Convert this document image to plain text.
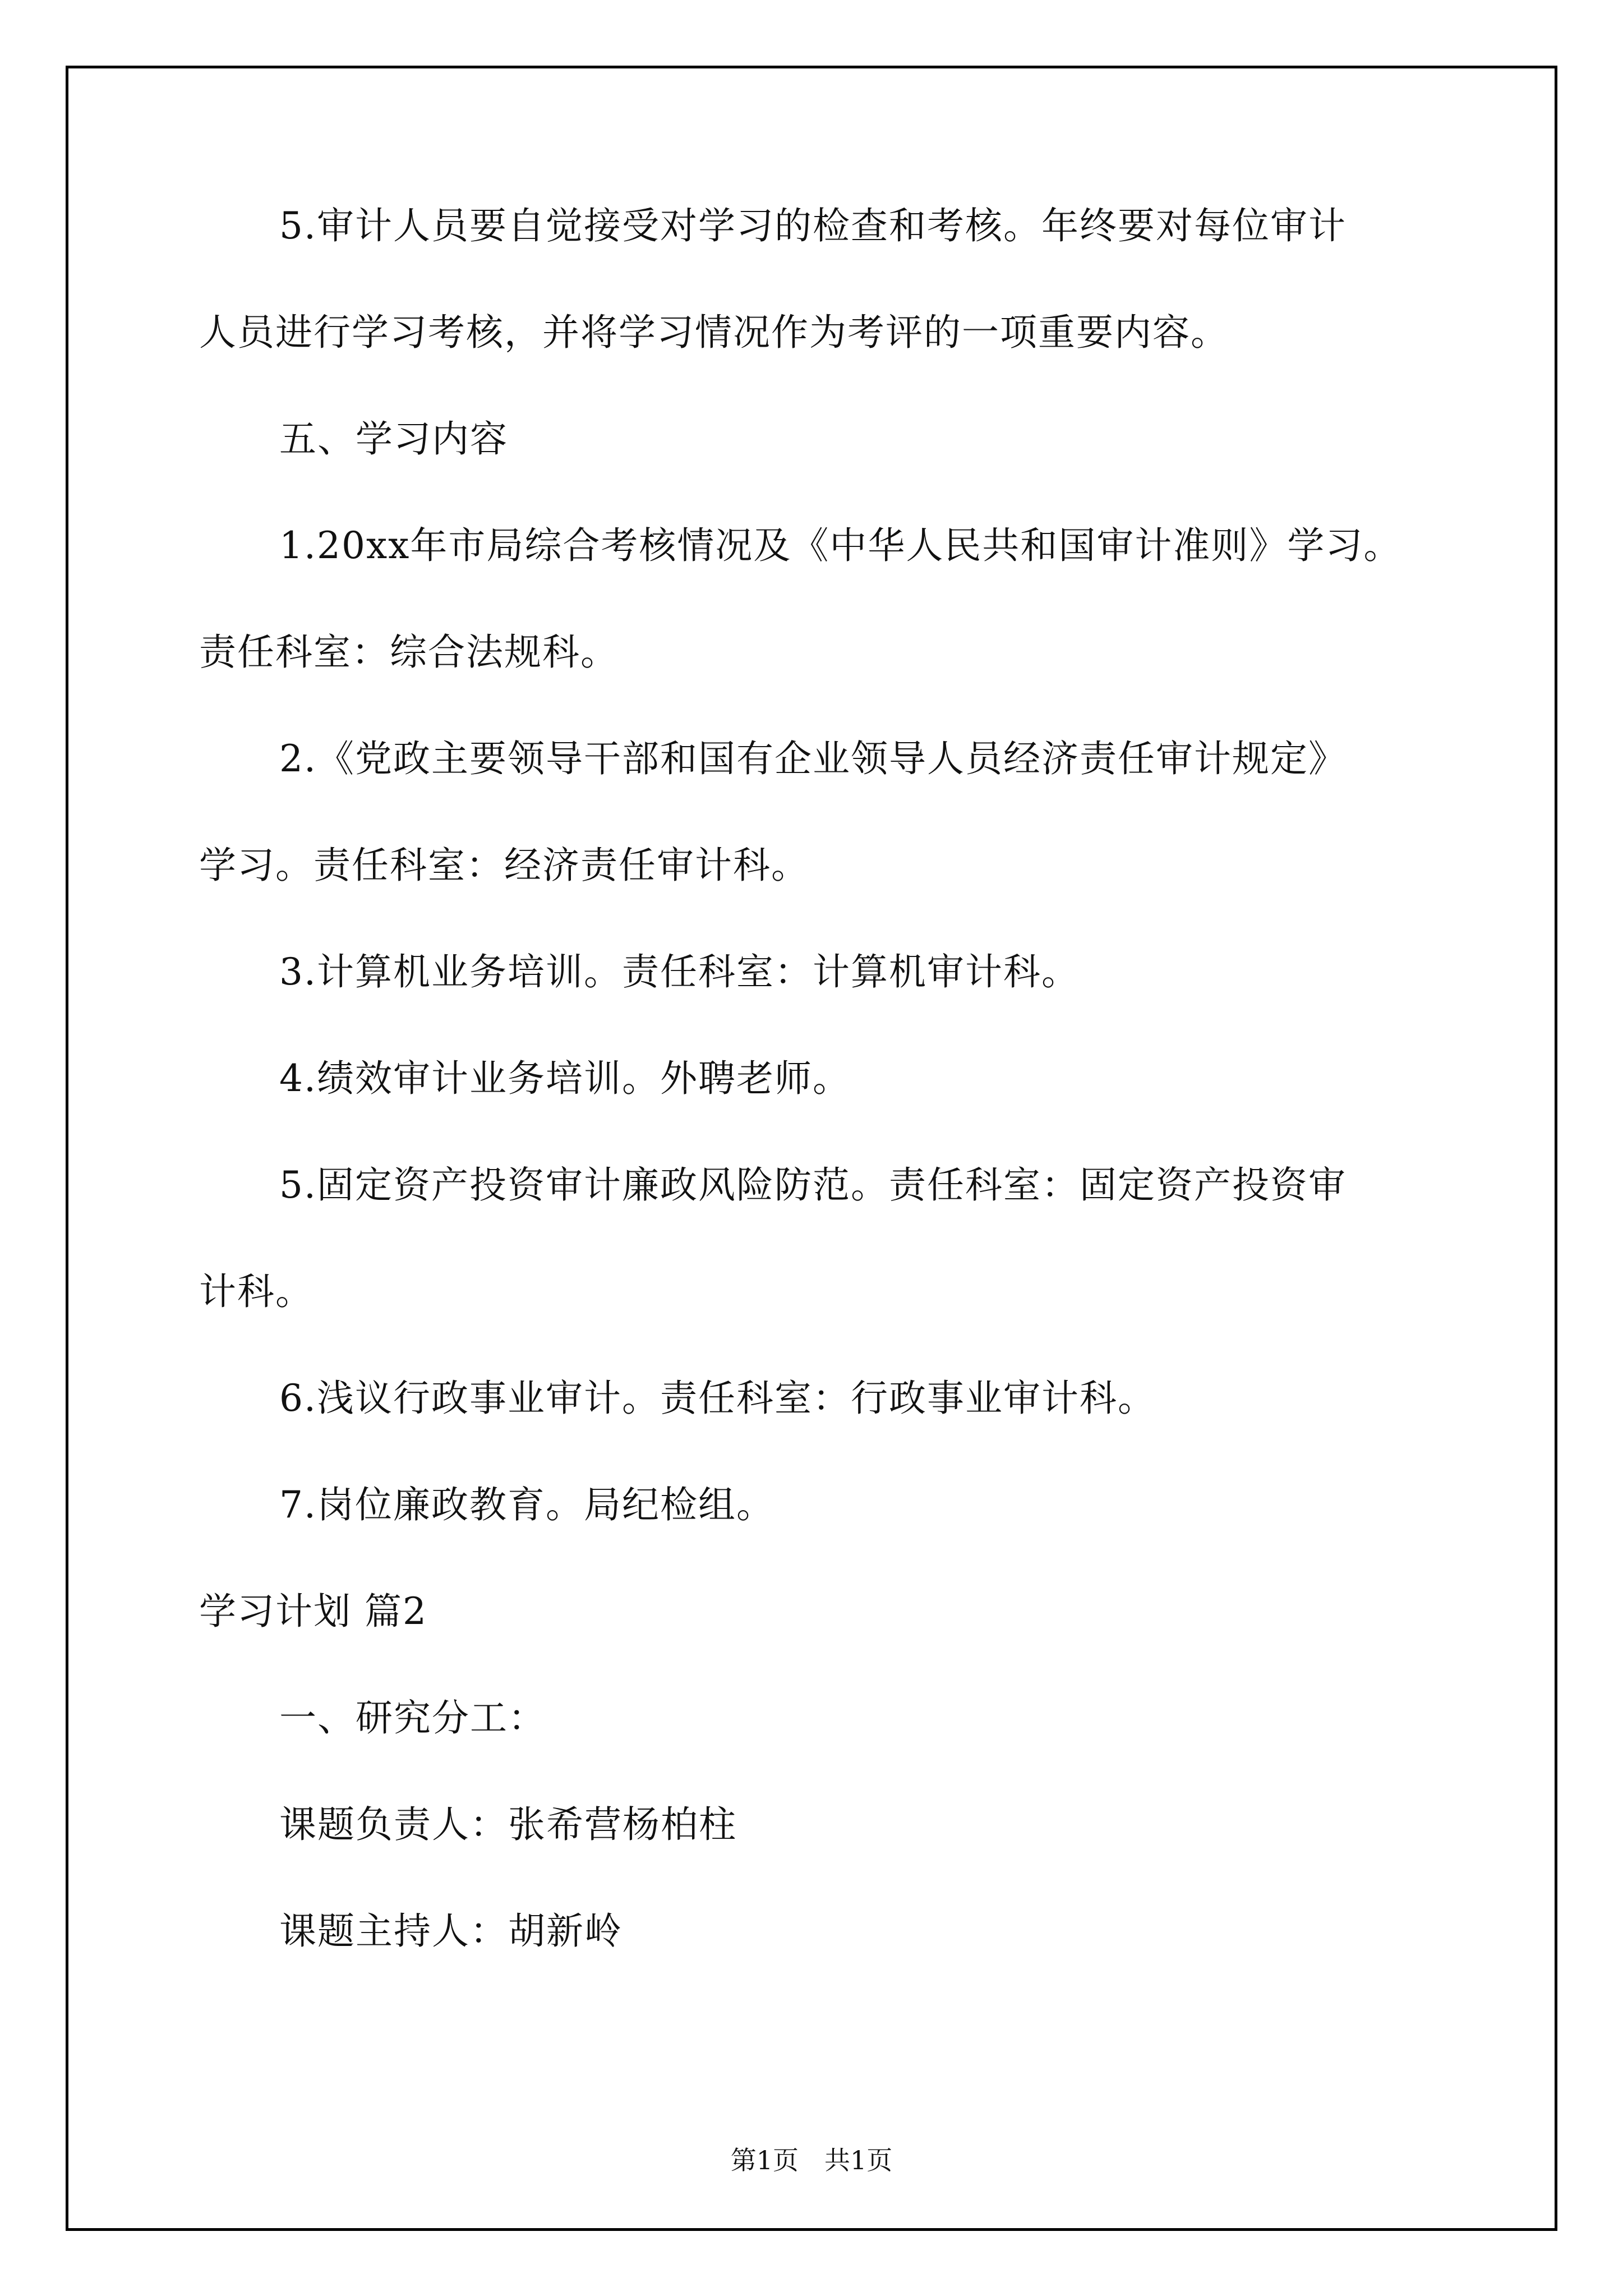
5.审计人员要自觉接受对学习的检查和考核。年终要对每位审计
人员进行学习考核，并将学习情况作为考评的一项重要内容。
五、学习内容
1.20xx年市局综合考核情况及《中华人民共和国审计准则》学习。
责任科室：综合法规科。
2.《党政主要领导干部和国有企业领导人员经济责任审计规定》
学习。责任科室：经济责任审计科。
3.计算机业务培训。责任科室：计算机审计科。
4.绩效审计业务培训。外聘老师。
5.固定资产投资审计廉政风险防范。责任科室：固定资产投资审
计科。
6.浅议行政事业审计。责任科室：行政事业审计科。
7.岗位廉政教育。局纪检组。
学习计划 篇2
一、研究分工：
课题负责人：张希营杨柏柱
课题主持人：胡新岭
第1页　共1页
